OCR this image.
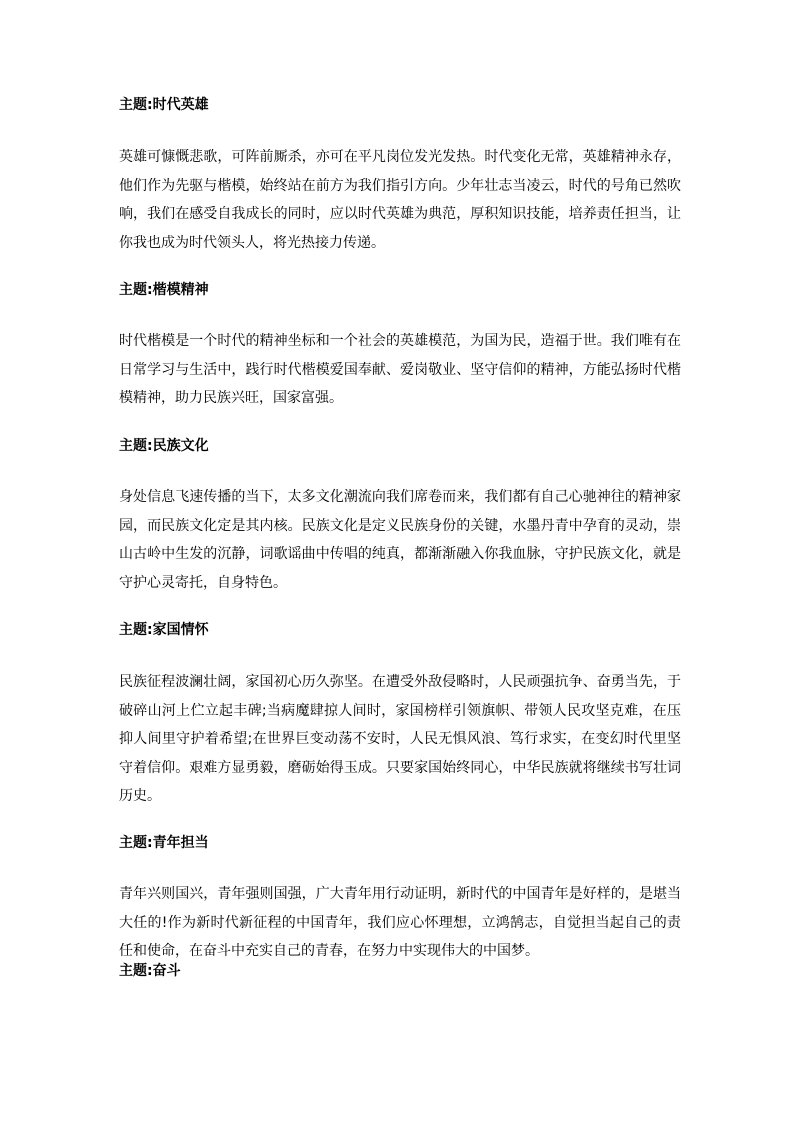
主题:时代英雄
英雄可慷慨悲歌，可阵前厮杀，亦可在平凡岗位发光发热。时代变化无常，英雄精神永存，他们作为先驱与楷模，始终站在前方为我们指引方向。少年壮志当凌云，时代的号角已然吹响，我们在感受自我成长的同时，应以时代英雄为典范，厚积知识技能，培养责任担当，让你我也成为时代领头人，将光热接力传递。
主题:楷模精神
时代楷模是一个时代的精神坐标和一个社会的英雄模范，为国为民，造福于世。我们唯有在日常学习与生活中，践行时代楷模爱国奉献、爱岗敬业、坚守信仰的精神，方能弘扬时代楷模精神，助力民族兴旺，国家富强。
主题:民族文化
身处信息飞速传播的当下，太多文化潮流向我们席卷而来，我们都有自己心驰神往的精神家园，而民族文化定是其内核。民族文化是定义民族身份的关键，水墨丹青中孕育的灵动，崇山古岭中生发的沉静，词歌谣曲中传唱的纯真，都渐渐融入你我血脉，守护民族文化，就是守护心灵寄托，自身特色。
主题:家国情怀
民族征程波澜壮阔，家国初心历久弥坚。在遭受外敌侵略时，人民顽强抗争、奋勇当先，于破碎山河上伫立起丰碑;当病魔肆掠人间时，家国榜样引领旗帜、带领人民攻坚克难，在压抑人间里守护着希望;在世界巨变动荡不安时，人民无惧风浪、笃行求实，在变幻时代里坚守着信仰。艰难方显勇毅，磨砺始得玉成。只要家国始终同心，中华民族就将继续书写壮词历史。
主题:青年担当
青年兴则国兴，青年强则国强，广大青年用行动证明，新时代的中国青年是好样的，是堪当大任的!作为新时代新征程的中国青年，我们应心怀理想，立鸿鹄志，自觉担当起自己的责任和使命，在奋斗中充实自己的青春，在努力中实现伟大的中国梦。
主题:奋斗
